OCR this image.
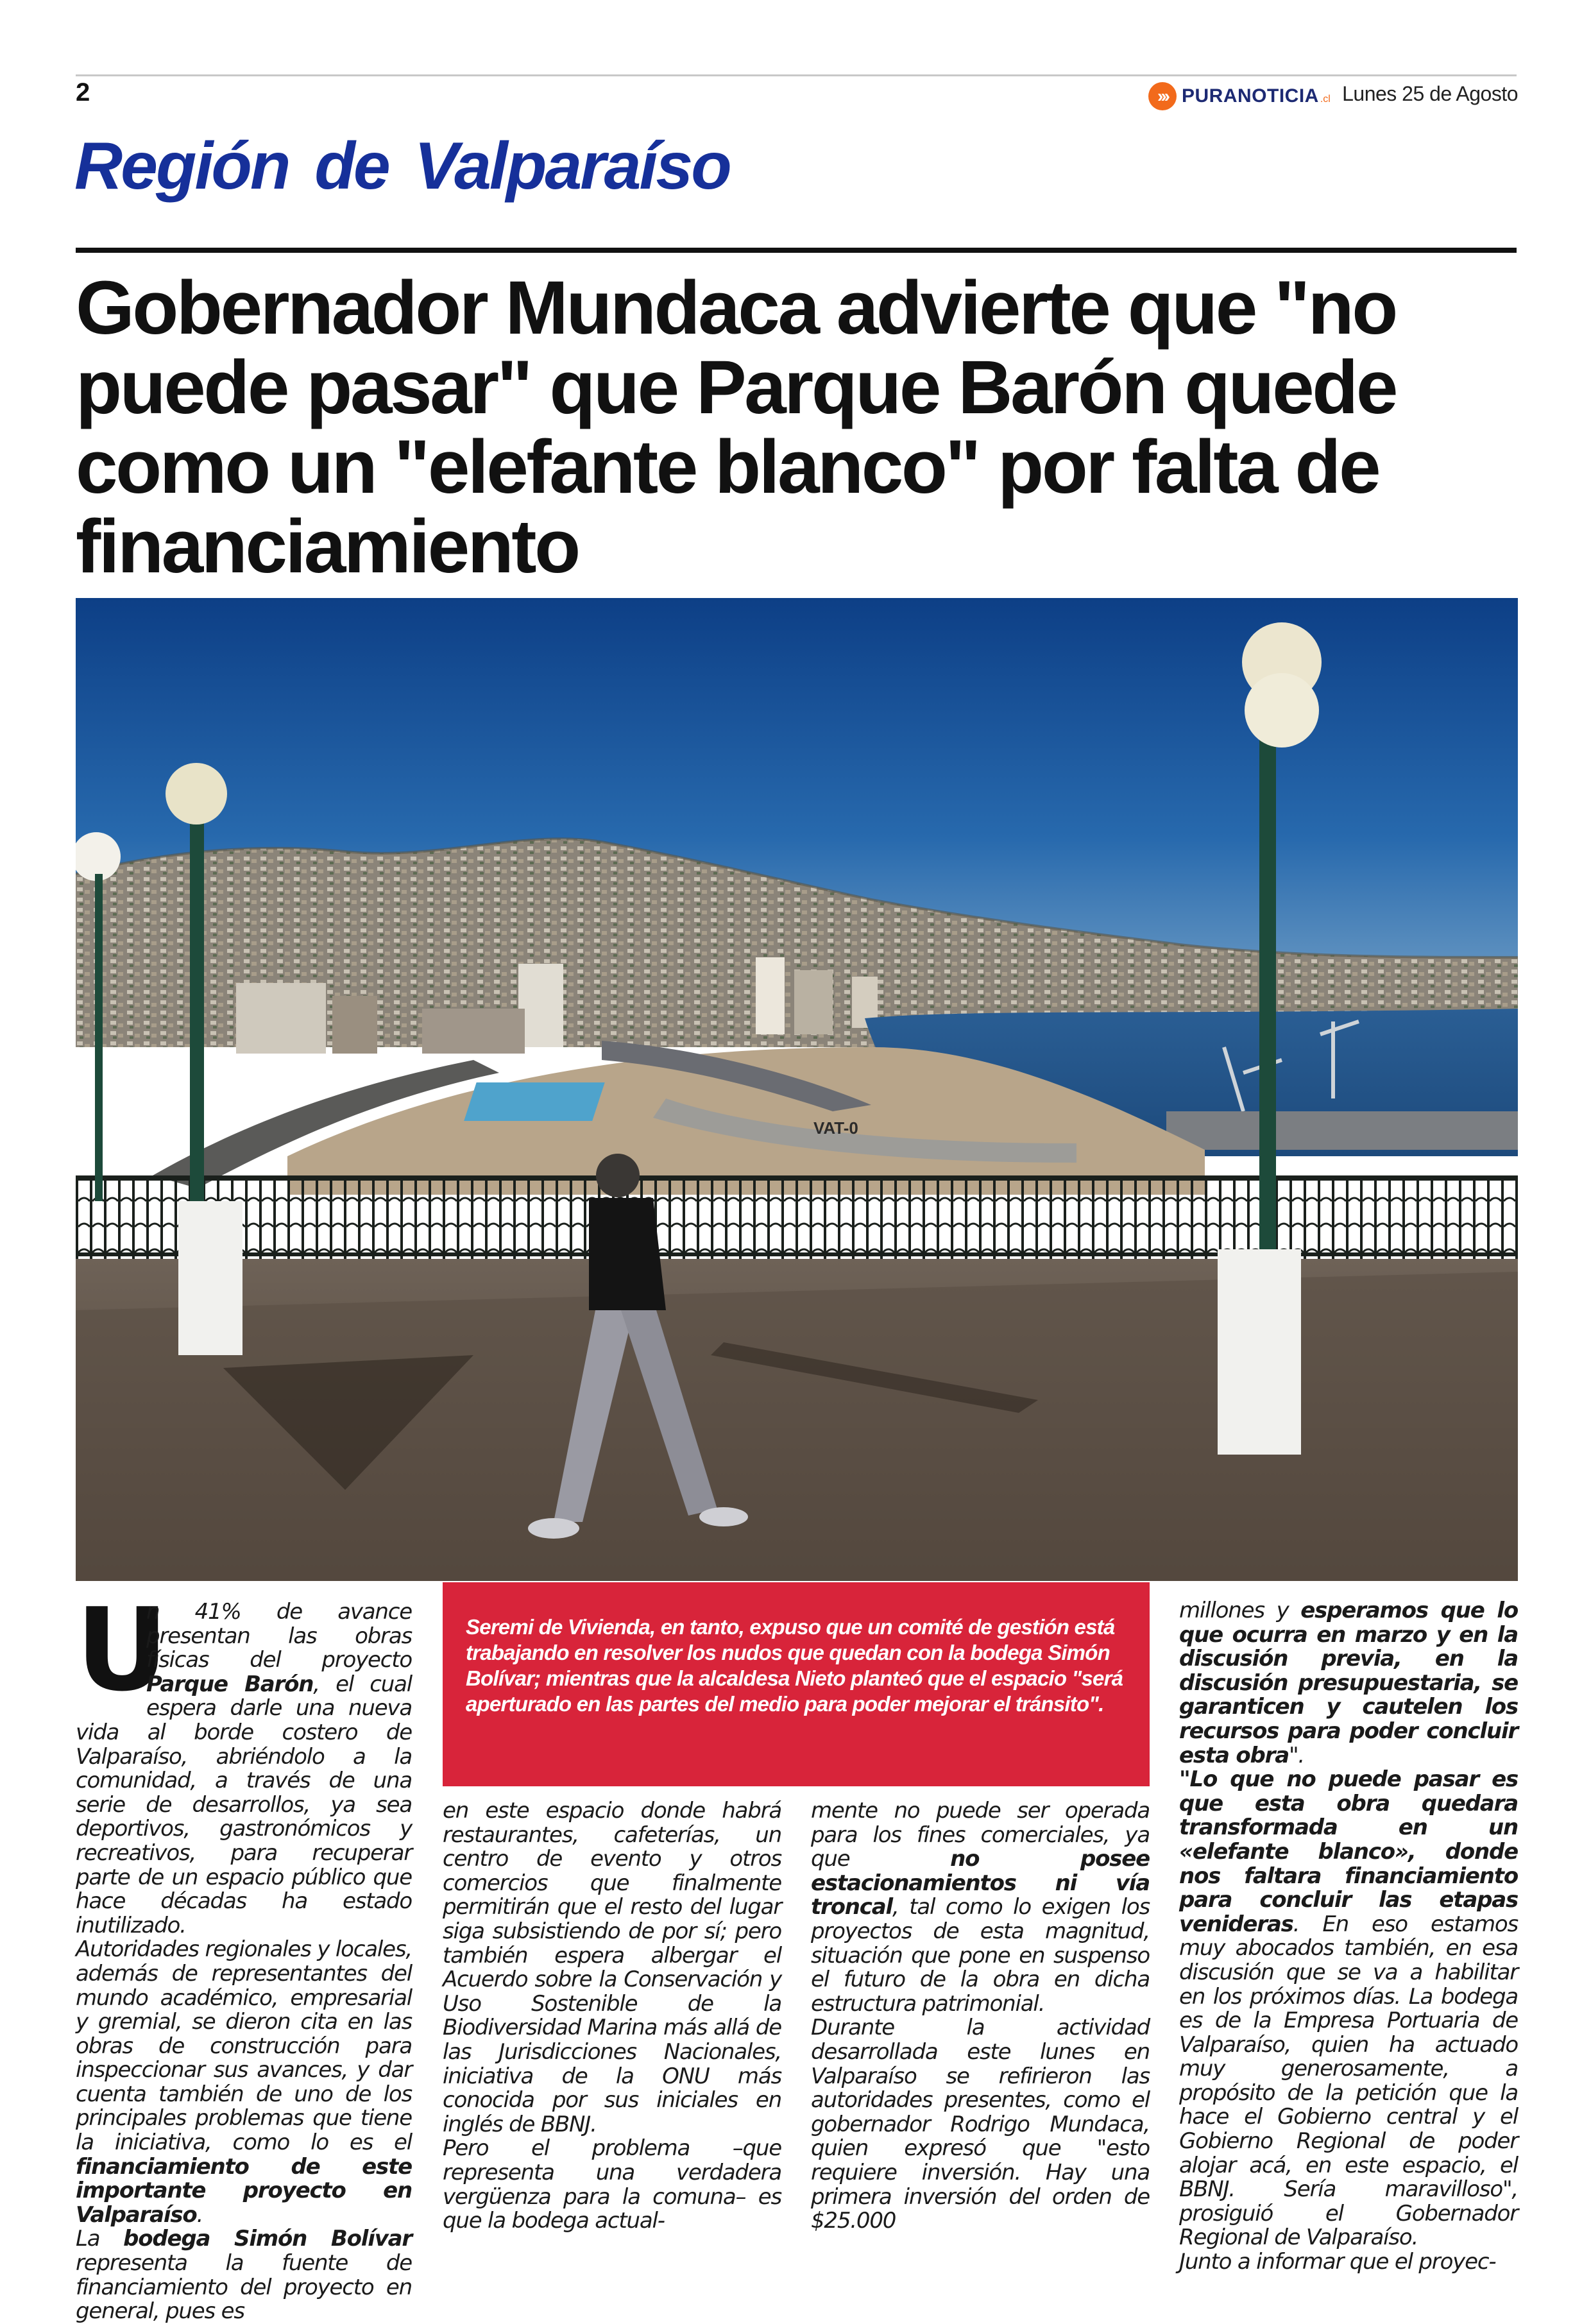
2	››› PURANOTICIA .cl Lunes 25 de Agosto
Región de Valparaíso
Gobernador Mundaca advierte que "no puede pasar" que Parque Barón quede como un "elefante blanco" por falta de financiamiento
VAT-0

Seremi de Vivienda, en tanto, expuso que un comité de gestión está trabajando en resolver los nudos que quedan con la bodega Simón Bolívar; mientras que la alcaldesa Nieto planteó que el espacio "será aperturado en las partes del medio para poder mejorar el tránsito".

U

n 41% de avance presentan las obras físicas del proyecto Parque Barón, el cual espera darle una nueva vida al borde costero de Valparaíso, abriéndolo a la comunidad, a través de una serie de desarrollos, ya sea deportivos, gastronómicos y recreativos, para recuperar parte de un espacio público que hace décadas ha estado inutilizado.

Autoridades regionales y locales, además de representantes del mundo académico, empresarial y gremial, se dieron cita en las obras de construcción para inspeccionar sus avances, y dar cuenta también de uno de los principales problemas que tiene la iniciativa, como lo es el financiamiento de este importante proyecto en Valparaíso.

La bodega Simón Bolívar representa la fuente de financiamiento del proyecto en general, pues es

en este espacio donde habrá restaurantes, cafeterías, un centro de evento y otros comercios que finalmente permitirán que el resto del lugar siga subsistiendo de por sí; pero también espera albergar el Acuerdo sobre la Conservación y Uso Sostenible de la Biodiversidad Marina más allá de las Jurisdicciones Nacionales, iniciativa de la ONU más conocida por sus iniciales en inglés de BBNJ.

Pero el problema –que representa una verdadera vergüenza para la comuna– es que la bodega actual-

mente no puede ser operada para los fines comerciales, ya que no posee estacionamientos ni vía troncal, tal como lo exigen los proyectos de esta magnitud, situación que pone en suspenso el futuro de la obra en dicha estructura patrimonial.

Durante la actividad desarrollada este lunes en Valparaíso se refirieron las autoridades presentes, como el gobernador Rodrigo Mundaca, quien expresó que "esto requiere inversión. Hay una primera inversión del orden de $25.000

millones y esperamos que lo que ocurra en marzo y en la discusión previa, en la discusión presupuestaria, se garanticen y cautelen los recursos para poder concluir esta obra".

"Lo que no puede pasar es que esta obra quedara transformada en un «elefante blanco», donde nos faltara financiamiento para concluir las etapas venideras. En eso estamos muy abocados también, en esa discusión que se va a habilitar en los próximos días. La bodega es de la Empresa Portuaria de Valparaíso, quien ha actuado muy generosamente, a propósito de la petición que la hace el Gobierno central y el Gobierno Regional de poder alojar acá, en este espacio, el BBNJ. Sería maravilloso", prosiguió el Gobernador Regional de Valparaíso.

Junto a informar que el proyec-
